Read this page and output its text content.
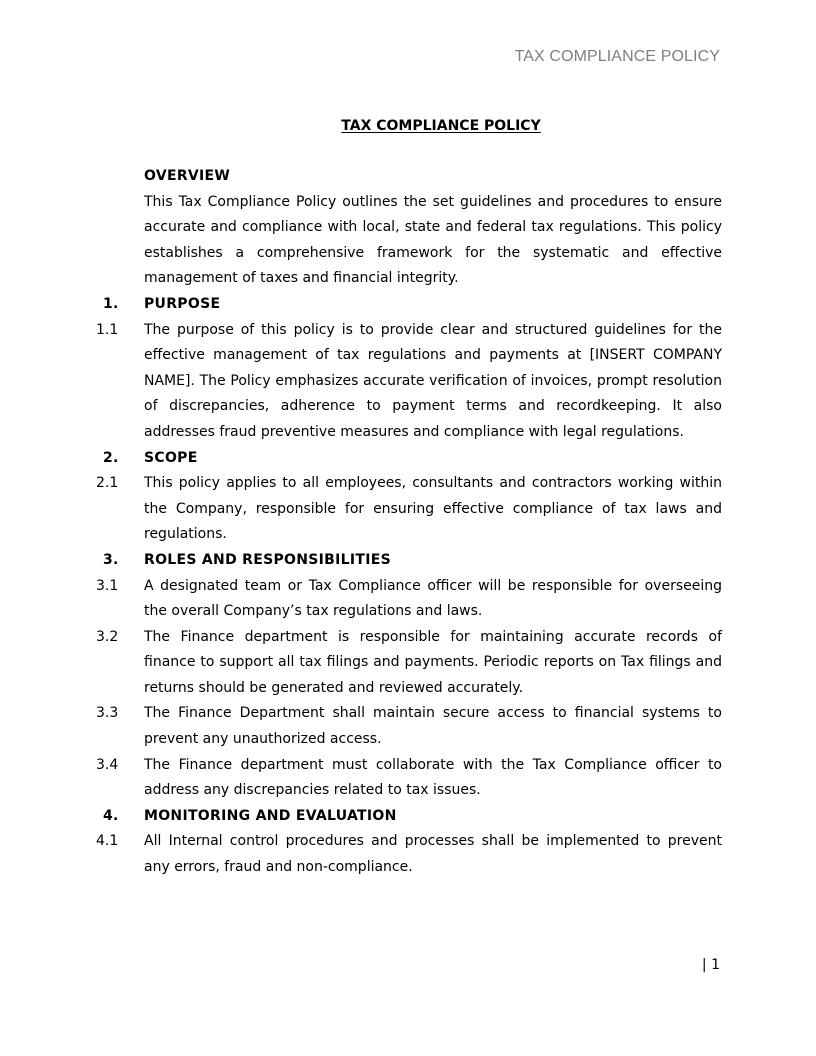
TAX COMPLIANCE POLICY
TAX COMPLIANCE POLICY
OVERVIEW
This Tax Compliance Policy outlines the set guidelines and procedures to ensure accurate and compliance with local, state and federal tax regulations. This policy establishes a comprehensive framework for the systematic and effective management of taxes and financial integrity.
1.	PURPOSE
1.1	The purpose of this policy is to provide clear and structured guidelines for the effective management of tax regulations and payments at [INSERT COMPANY NAME]. The Policy emphasizes accurate verification of invoices, prompt resolution of discrepancies, adherence to payment terms and recordkeeping. It also addresses fraud preventive measures and compliance with legal regulations.
2.	SCOPE
2.1	This policy applies to all employees, consultants and contractors working within the Company, responsible for ensuring effective compliance of tax laws and regulations.
3.	ROLES AND RESPONSIBILITIES
3.1	A designated team or Tax Compliance officer will be responsible for overseeing the overall Company’s tax regulations and laws.
3.2	The Finance department is responsible for maintaining accurate records of finance to support all tax filings and payments. Periodic reports on Tax filings and returns should be generated and reviewed accurately.
3.3	The Finance Department shall maintain secure access to financial systems to prevent any unauthorized access.
3.4	The Finance department must collaborate with the Tax Compliance officer to address any discrepancies related to tax issues.
4.	MONITORING AND EVALUATION
4.1	All Internal control procedures and processes shall be implemented to prevent any errors, fraud and non-compliance.
| 1
